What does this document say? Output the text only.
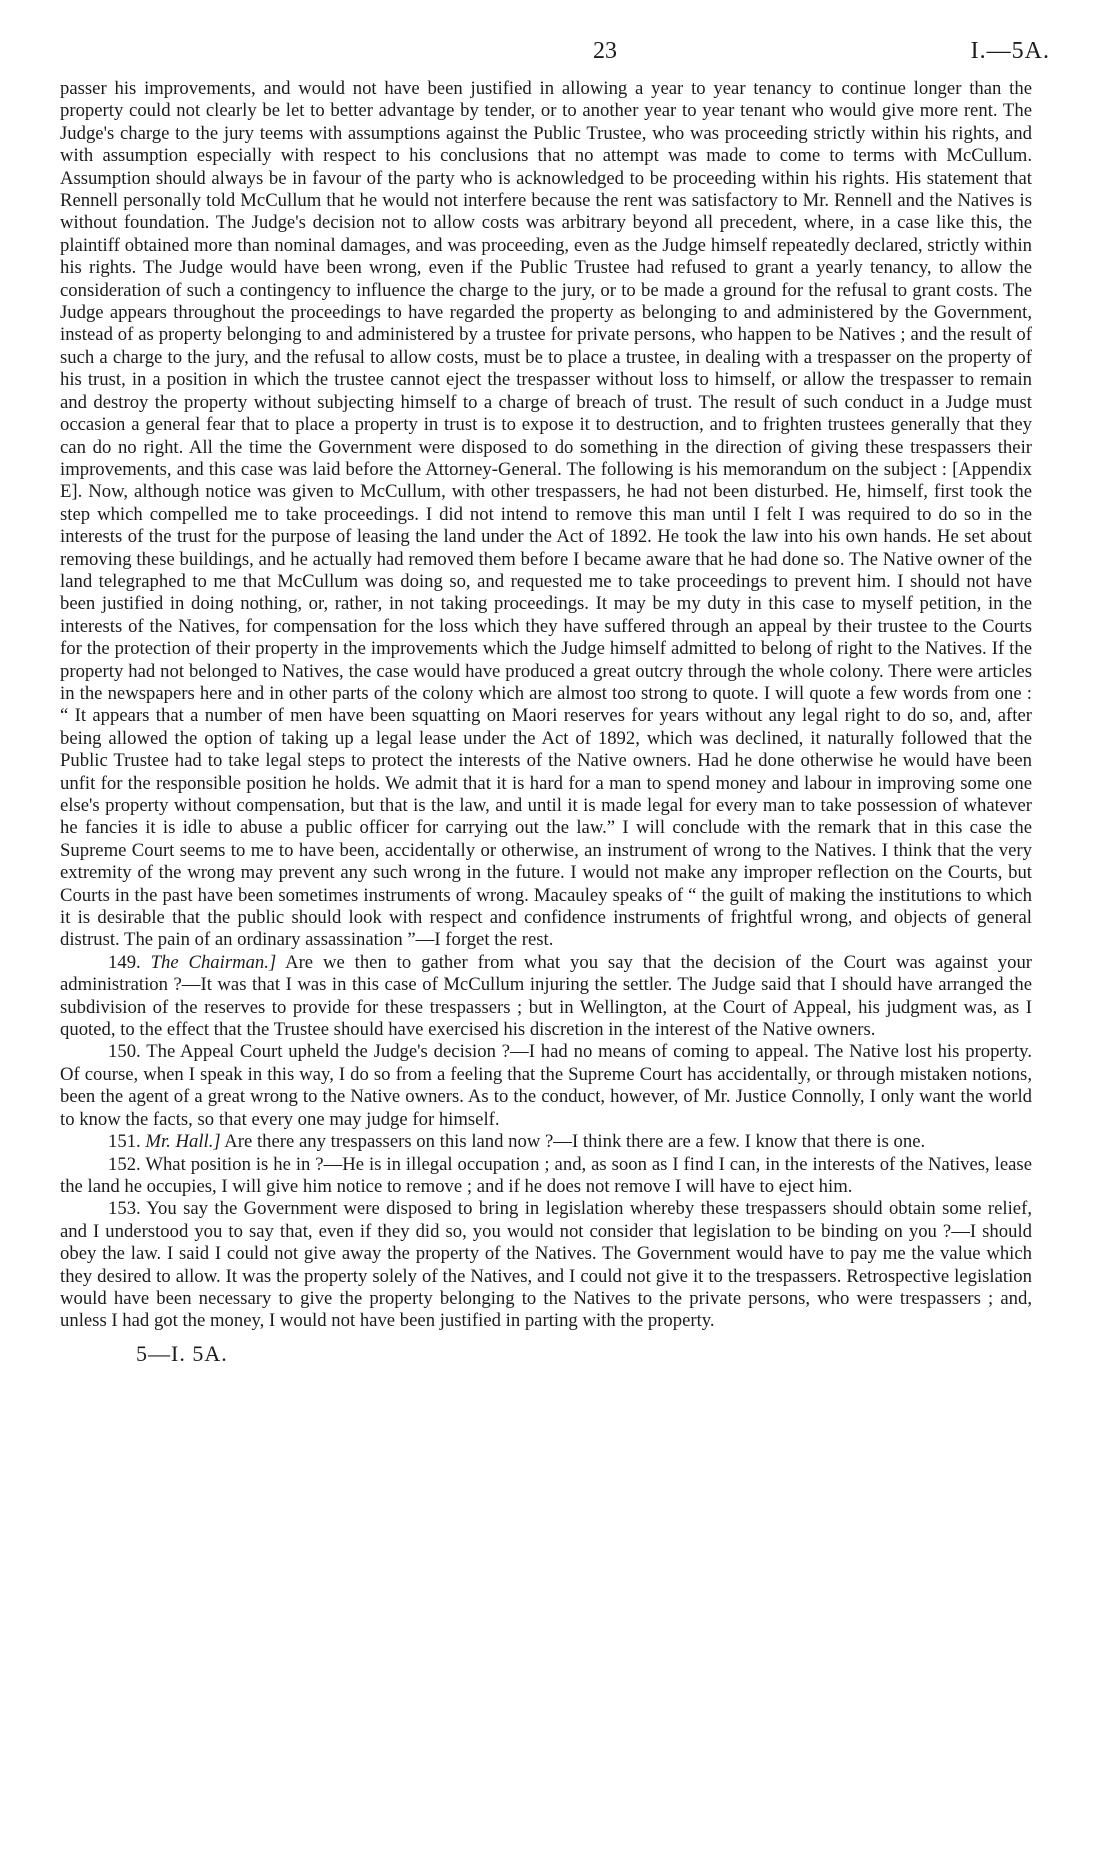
23	I.—5A.

passer his improvements, and would not have been justified in allowing a year to year tenancy to continue longer than the property could not clearly be let to better advantage by tender, or to another year to year tenant who would give more rent. The Judge's charge to the jury teems with assumptions against the Public Trustee, who was proceeding strictly within his rights, and with assumption especially with respect to his conclusions that no attempt was made to come to terms with McCullum. Assumption should always be in favour of the party who is acknowledged to be proceeding within his rights. His statement that Rennell personally told McCullum that he would not interfere because the rent was satisfactory to Mr. Rennell and the Natives is without foundation. The Judge's decision not to allow costs was arbitrary beyond all precedent, where, in a case like this, the plaintiff obtained more than nominal damages, and was proceeding, even as the Judge himself repeatedly declared, strictly within his rights. The Judge would have been wrong, even if the Public Trustee had refused to grant a yearly tenancy, to allow the consideration of such a contingency to influence the charge to the jury, or to be made a ground for the refusal to grant costs. The Judge appears throughout the proceedings to have regarded the property as belonging to and administered by the Government, instead of as property belonging to and administered by a trustee for private persons, who happen to be Natives ; and the result of such a charge to the jury, and the refusal to allow costs, must be to place a trustee, in dealing with a trespasser on the property of his trust, in a position in which the trustee cannot eject the trespasser without loss to himself, or allow the trespasser to remain and destroy the property without subjecting himself to a charge of breach of trust. The result of such conduct in a Judge must occasion a general fear that to place a property in trust is to expose it to destruction, and to frighten trustees generally that they can do no right. All the time the Government were disposed to do something in the direction of giving these trespassers their improvements, and this case was laid before the Attorney-General. The following is his memorandum on the subject : [Appendix E]. Now, although notice was given to McCullum, with other trespassers, he had not been disturbed. He, himself, first took the step which compelled me to take proceedings. I did not intend to remove this man until I felt I was required to do so in the interests of the trust for the purpose of leasing the land under the Act of 1892. He took the law into his own hands. He set about removing these buildings, and he actually had removed them before I became aware that he had done so. The Native owner of the land telegraphed to me that McCullum was doing so, and requested me to take proceedings to prevent him. I should not have been justified in doing nothing, or, rather, in not taking proceedings. It may be my duty in this case to myself petition, in the interests of the Natives, for compensation for the loss which they have suffered through an appeal by their trustee to the Courts for the protection of their property in the improvements which the Judge himself admitted to belong of right to the Natives. If the property had not belonged to Natives, the case would have produced a great outcry through the whole colony. There were articles in the newspapers here and in other parts of the colony which are almost too strong to quote. I will quote a few words from one : “ It appears that a number of men have been squatting on Maori reserves for years without any legal right to do so, and, after being allowed the option of taking up a legal lease under the Act of 1892, which was declined, it naturally followed that the Public Trustee had to take legal steps to protect the interests of the Native owners. Had he done otherwise he would have been unfit for the responsible position he holds. We admit that it is hard for a man to spend money and labour in improving some one else's property without compensation, but that is the law, and until it is made legal for every man to take possession of whatever he fancies it is idle to abuse a public officer for carrying out the law.” I will conclude with the remark that in this case the Supreme Court seems to me to have been, accidentally or otherwise, an instrument of wrong to the Natives. I think that the very extremity of the wrong may prevent any such wrong in the future. I would not make any improper reflection on the Courts, but Courts in the past have been sometimes instruments of wrong. Macauley speaks of “ the guilt of making the institutions to which it is desirable that the public should look with respect and confidence instruments of frightful wrong, and objects of general distrust. The pain of an ordinary assassination ”—I forget the rest.

149. The Chairman.] Are we then to gather from what you say that the decision of the Court was against your administration ?—It was that I was in this case of McCullum injuring the settler. The Judge said that I should have arranged the subdivision of the reserves to provide for these trespassers ; but in Wellington, at the Court of Appeal, his judgment was, as I quoted, to the effect that the Trustee should have exercised his discretion in the interest of the Native owners.

150. The Appeal Court upheld the Judge's decision ?—I had no means of coming to appeal. The Native lost his property. Of course, when I speak in this way, I do so from a feeling that the Supreme Court has accidentally, or through mistaken notions, been the agent of a great wrong to the Native owners. As to the conduct, however, of Mr. Justice Connolly, I only want the world to know the facts, so that every one may judge for himself.

151. Mr. Hall.] Are there any trespassers on this land now ?—I think there are a few. I know that there is one.

152. What position is he in ?—He is in illegal occupation ; and, as soon as I find I can, in the interests of the Natives, lease the land he occupies, I will give him notice to remove ; and if he does not remove I will have to eject him.

153. You say the Government were disposed to bring in legislation whereby these trespassers should obtain some relief, and I understood you to say that, even if they did so, you would not consider that legislation to be binding on you ?—I should obey the law. I said I could not give away the property of the Natives. The Government would have to pay me the value which they desired to allow. It was the property solely of the Natives, and I could not give it to the trespassers. Retrospective legislation would have been necessary to give the property belonging to the Natives to the private persons, who were trespassers ; and, unless I had got the money, I would not have been justified in parting with the property.

5—I. 5A.
